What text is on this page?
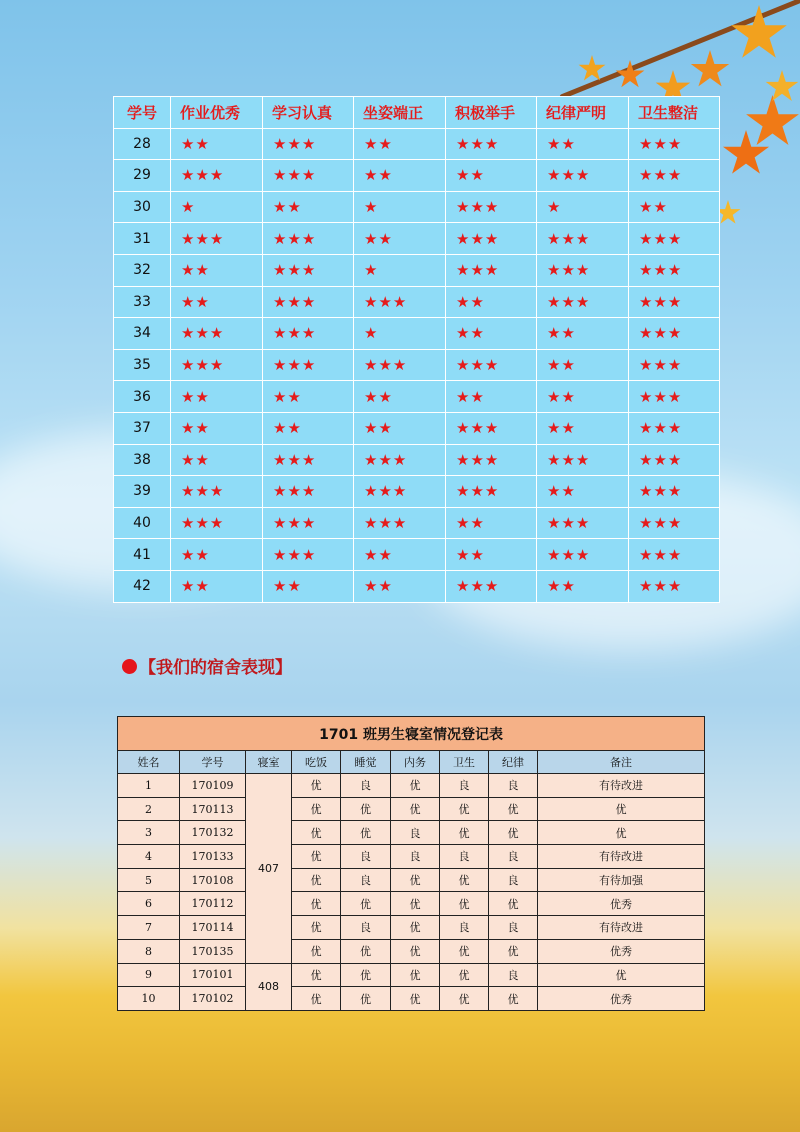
学号	作业优秀	学习认真	坐姿端正	积极举手	纪律严明	卫生整洁
28	★★	★★★	★★	★★★	★★	★★★
29	★★★	★★★	★★	★★	★★★	★★★
30	★	★★	★	★★★	★	★★
31	★★★	★★★	★★	★★★	★★★	★★★
32	★★	★★★	★	★★★	★★★	★★★
33	★★	★★★	★★★	★★	★★★	★★★
34	★★★	★★★	★	★★	★★	★★★
35	★★★	★★★	★★★	★★★	★★	★★★
36	★★	★★	★★	★★	★★	★★★
37	★★	★★	★★	★★★	★★	★★★
38	★★	★★★	★★★	★★★	★★★	★★★
39	★★★	★★★	★★★	★★★	★★	★★★
40	★★★	★★★	★★★	★★	★★★	★★★
41	★★	★★★	★★	★★	★★★	★★★
42	★★	★★	★★	★★★	★★	★★★
【我们的宿舍表现】
1701 班男生寝室情况登记表								
姓名	学号	寝室	吃饭	睡觉	内务	卫生	纪律	备注
1	170109	407	优	良	优	良	良	有待改进
2	170113		优	优	优	优	优	优
3	170132		优	优	良	优	优	优
4	170133		优	良	良	良	良	有待改进
5	170108		优	良	优	优	良	有待加强
6	170112		优	优	优	优	优	优秀
7	170114		优	良	优	良	良	有待改进
8	170135		优	优	优	优	优	优秀
9	170101	408	优	优	优	优	良	优
10	170102		优	优	优	优	优	优秀
